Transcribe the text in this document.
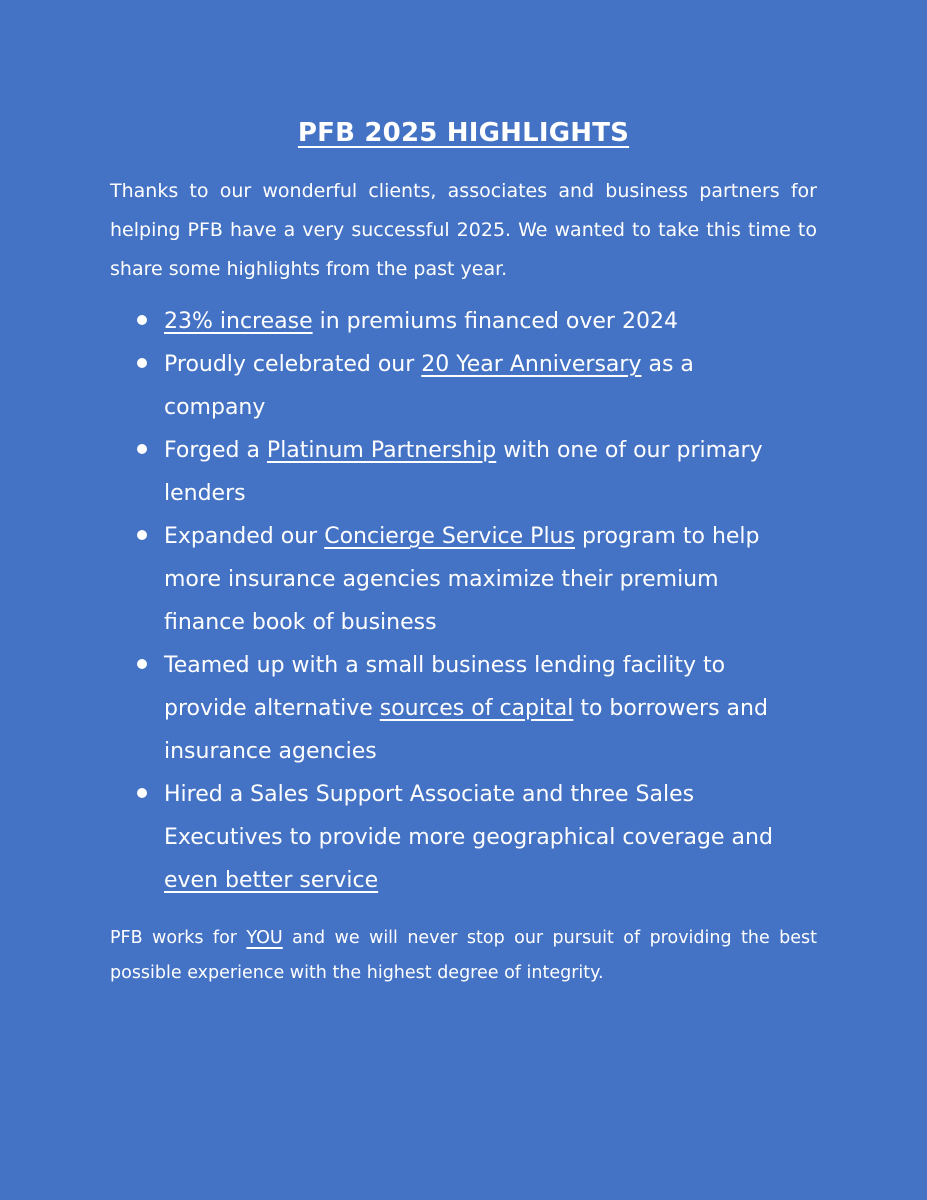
PFB 2025 HIGHLIGHTS
Thanks to our wonderful clients, associates and business partners for helping PFB have a very successful 2025. We wanted to take this time to share some highlights from the past year.
23% increase in premiums financed over 2024
Proudly celebrated our 20 Year Anniversary as a company
Forged a Platinum Partnership with one of our primary lenders
Expanded our Concierge Service Plus program to help more insurance agencies maximize their premium finance book of business
Teamed up with a small business lending facility to provide alternative sources of capital to borrowers and insurance agencies
Hired a Sales Support Associate and three Sales Executives to provide more geographical coverage and even better service
PFB works for YOU and we will never stop our pursuit of providing the best possible experience with the highest degree of integrity.
